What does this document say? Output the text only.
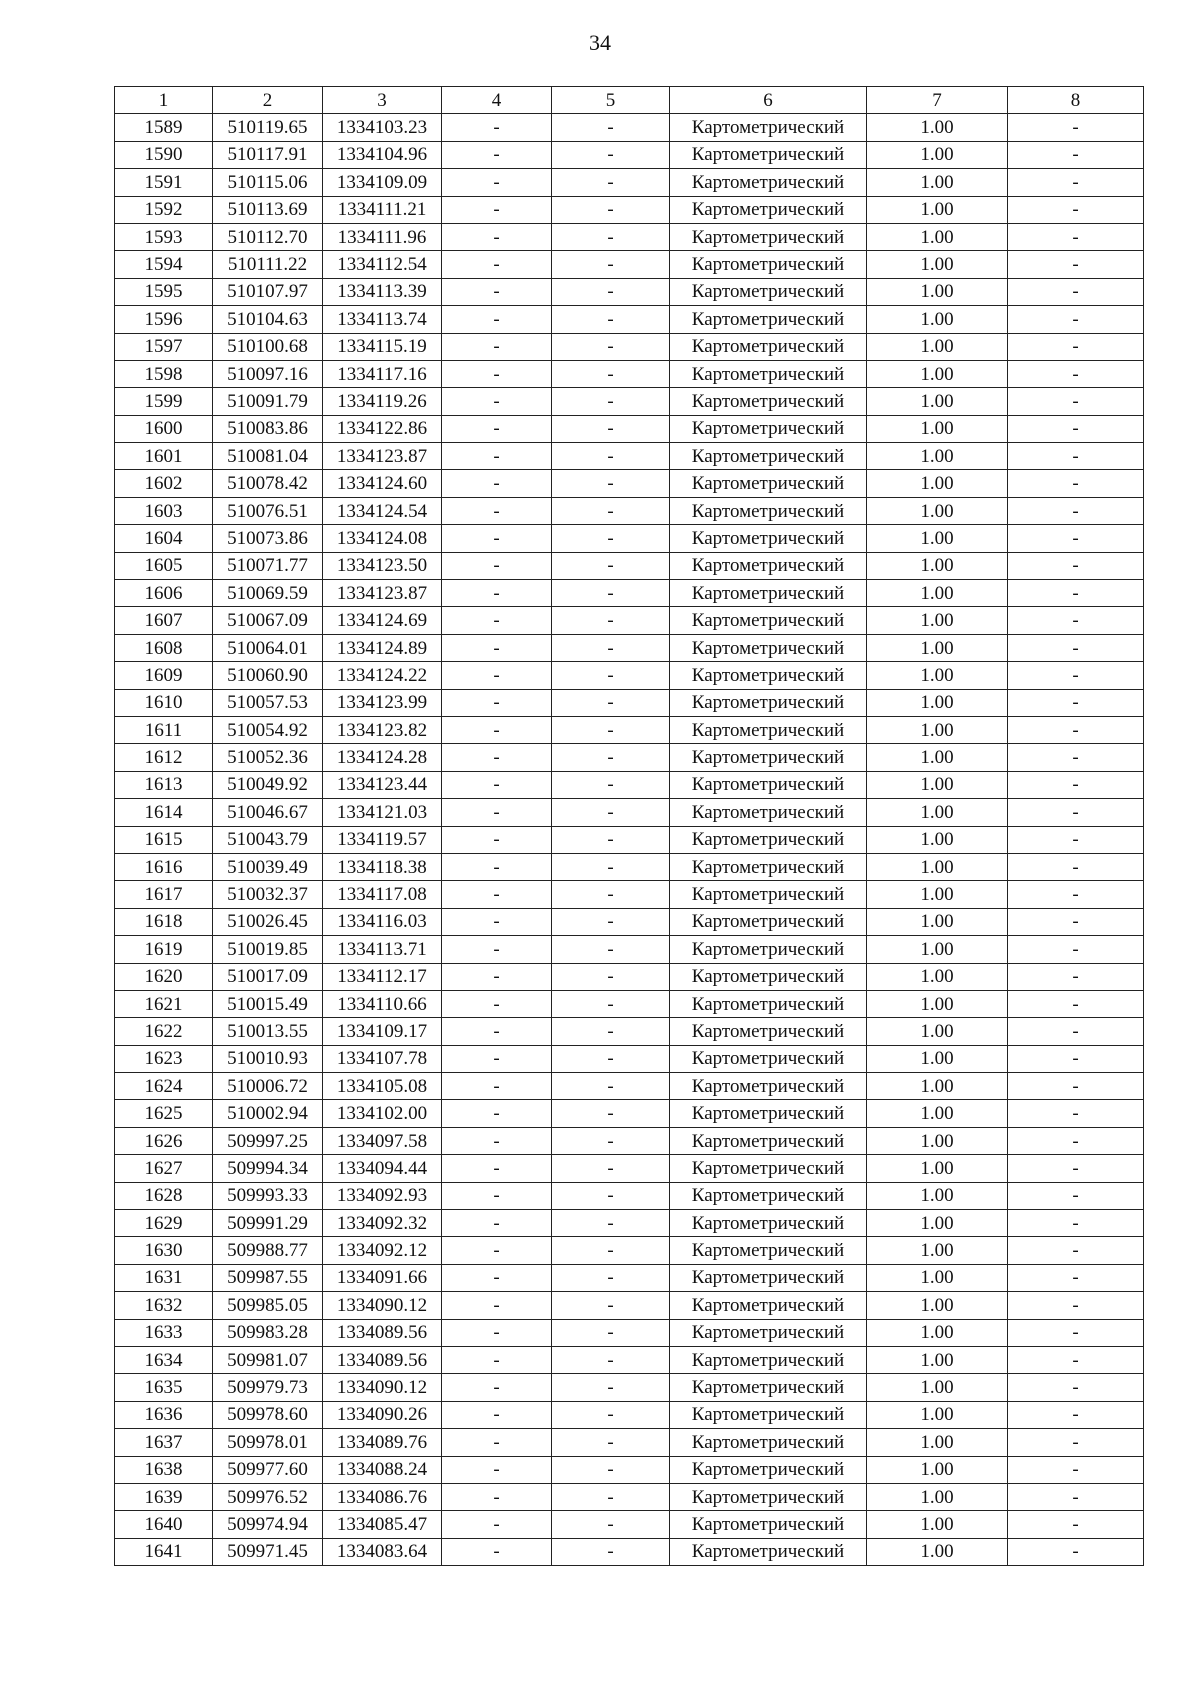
34
1	2	3	4	5	6	7	8
1589	510119.65	1334103.23	-	-	Картометрический	1.00	-
1590	510117.91	1334104.96	-	-	Картометрический	1.00	-
1591	510115.06	1334109.09	-	-	Картометрический	1.00	-
1592	510113.69	1334111.21	-	-	Картометрический	1.00	-
1593	510112.70	1334111.96	-	-	Картометрический	1.00	-
1594	510111.22	1334112.54	-	-	Картометрический	1.00	-
1595	510107.97	1334113.39	-	-	Картометрический	1.00	-
1596	510104.63	1334113.74	-	-	Картометрический	1.00	-
1597	510100.68	1334115.19	-	-	Картометрический	1.00	-
1598	510097.16	1334117.16	-	-	Картометрический	1.00	-
1599	510091.79	1334119.26	-	-	Картометрический	1.00	-
1600	510083.86	1334122.86	-	-	Картометрический	1.00	-
1601	510081.04	1334123.87	-	-	Картометрический	1.00	-
1602	510078.42	1334124.60	-	-	Картометрический	1.00	-
1603	510076.51	1334124.54	-	-	Картометрический	1.00	-
1604	510073.86	1334124.08	-	-	Картометрический	1.00	-
1605	510071.77	1334123.50	-	-	Картометрический	1.00	-
1606	510069.59	1334123.87	-	-	Картометрический	1.00	-
1607	510067.09	1334124.69	-	-	Картометрический	1.00	-
1608	510064.01	1334124.89	-	-	Картометрический	1.00	-
1609	510060.90	1334124.22	-	-	Картометрический	1.00	-
1610	510057.53	1334123.99	-	-	Картометрический	1.00	-
1611	510054.92	1334123.82	-	-	Картометрический	1.00	-
1612	510052.36	1334124.28	-	-	Картометрический	1.00	-
1613	510049.92	1334123.44	-	-	Картометрический	1.00	-
1614	510046.67	1334121.03	-	-	Картометрический	1.00	-
1615	510043.79	1334119.57	-	-	Картометрический	1.00	-
1616	510039.49	1334118.38	-	-	Картометрический	1.00	-
1617	510032.37	1334117.08	-	-	Картометрический	1.00	-
1618	510026.45	1334116.03	-	-	Картометрический	1.00	-
1619	510019.85	1334113.71	-	-	Картометрический	1.00	-
1620	510017.09	1334112.17	-	-	Картометрический	1.00	-
1621	510015.49	1334110.66	-	-	Картометрический	1.00	-
1622	510013.55	1334109.17	-	-	Картометрический	1.00	-
1623	510010.93	1334107.78	-	-	Картометрический	1.00	-
1624	510006.72	1334105.08	-	-	Картометрический	1.00	-
1625	510002.94	1334102.00	-	-	Картометрический	1.00	-
1626	509997.25	1334097.58	-	-	Картометрический	1.00	-
1627	509994.34	1334094.44	-	-	Картометрический	1.00	-
1628	509993.33	1334092.93	-	-	Картометрический	1.00	-
1629	509991.29	1334092.32	-	-	Картометрический	1.00	-
1630	509988.77	1334092.12	-	-	Картометрический	1.00	-
1631	509987.55	1334091.66	-	-	Картометрический	1.00	-
1632	509985.05	1334090.12	-	-	Картометрический	1.00	-
1633	509983.28	1334089.56	-	-	Картометрический	1.00	-
1634	509981.07	1334089.56	-	-	Картометрический	1.00	-
1635	509979.73	1334090.12	-	-	Картометрический	1.00	-
1636	509978.60	1334090.26	-	-	Картометрический	1.00	-
1637	509978.01	1334089.76	-	-	Картометрический	1.00	-
1638	509977.60	1334088.24	-	-	Картометрический	1.00	-
1639	509976.52	1334086.76	-	-	Картометрический	1.00	-
1640	509974.94	1334085.47	-	-	Картометрический	1.00	-
1641	509971.45	1334083.64	-	-	Картометрический	1.00	-
